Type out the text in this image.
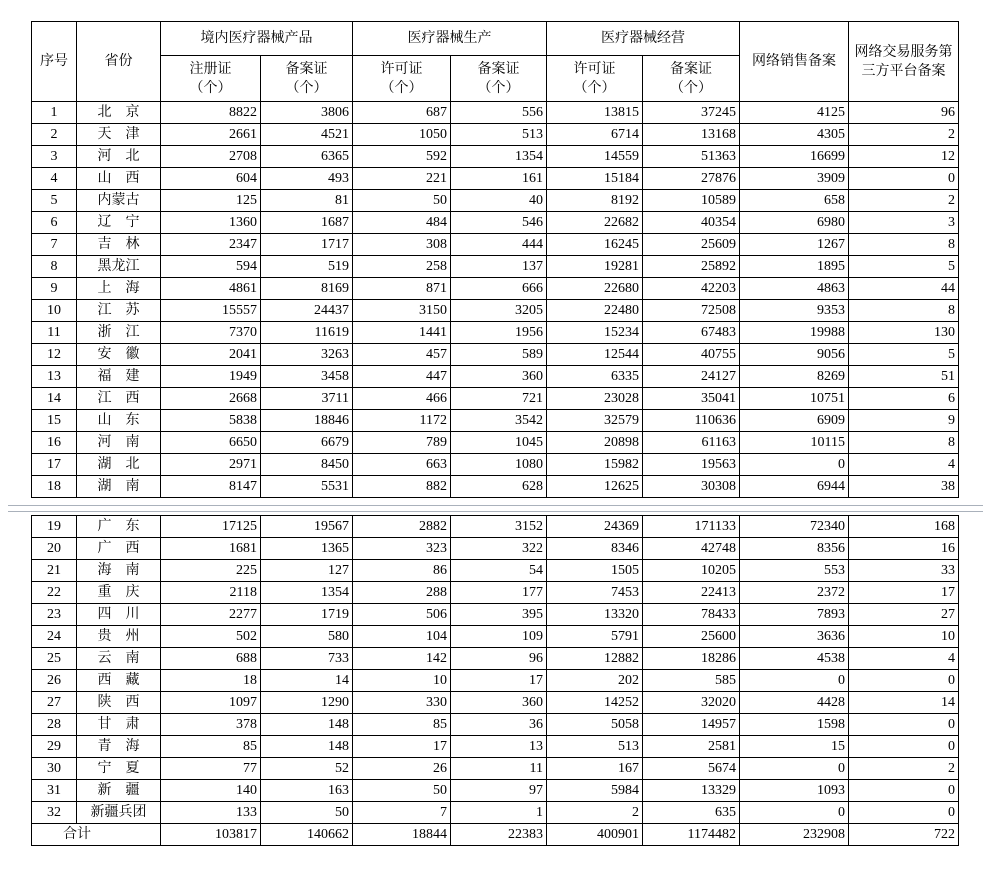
序号	省份	境内医疗器械产品		医疗器械生产		医疗器械经营		网络销售备案	网络交易服务第三方平台备案
		注册证（个）	备案证（个）	许可证（个）	备案证（个）	许可证（个）	备案证（个）		
1	北　京	8822	3806	687	556	13815	37245	4125	96
2	天　津	2661	4521	1050	513	6714	13168	4305	2
3	河　北	2708	6365	592	1354	14559	51363	16699	12
4	山　西	604	493	221	161	15184	27876	3909	0
5	内蒙古	125	81	50	40	8192	10589	658	2
6	辽　宁	1360	1687	484	546	22682	40354	6980	3
7	吉　林	2347	1717	308	444	16245	25609	1267	8
8	黑龙江	594	519	258	137	19281	25892	1895	5
9	上　海	4861	8169	871	666	22680	42203	4863	44
10	江　苏	15557	24437	3150	3205	22480	72508	9353	8
11	浙　江	7370	11619	1441	1956	15234	67483	19988	130
12	安　徽	2041	3263	457	589	12544	40755	9056	5
13	福　建	1949	3458	447	360	6335	24127	8269	51
14	江　西	2668	3711	466	721	23028	35041	10751	6
15	山　东	5838	18846	1172	3542	32579	110636	6909	9
16	河　南	6650	6679	789	1045	20898	61163	10115	8
17	湖　北	2971	8450	663	1080	15982	19563	0	4
18	湖　南	8147	5531	882	628	12625	30308	6944	38
19	广　东	17125	19567	2882	3152	24369	171133	72340	168
20	广　西	1681	1365	323	322	8346	42748	8356	16
21	海　南	225	127	86	54	1505	10205	553	33
22	重　庆	2118	1354	288	177	7453	22413	2372	17
23	四　川	2277	1719	506	395	13320	78433	7893	27
24	贵　州	502	580	104	109	5791	25600	3636	10
25	云　南	688	733	142	96	12882	18286	4538	4
26	西　藏	18	14	10	17	202	585	0	0
27	陕　西	1097	1290	330	360	14252	32020	4428	14
28	甘　肃	378	148	85	36	5058	14957	1598	0
29	青　海	85	148	17	13	513	2581	15	0
30	宁　夏	77	52	26	11	167	5674	0	2
31	新　疆	140	163	50	97	5984	13329	1093	0
32	新疆兵团	133	50	7	1	2	635	0	0
合计		103817	140662	18844	22383	400901	1174482	232908	722
